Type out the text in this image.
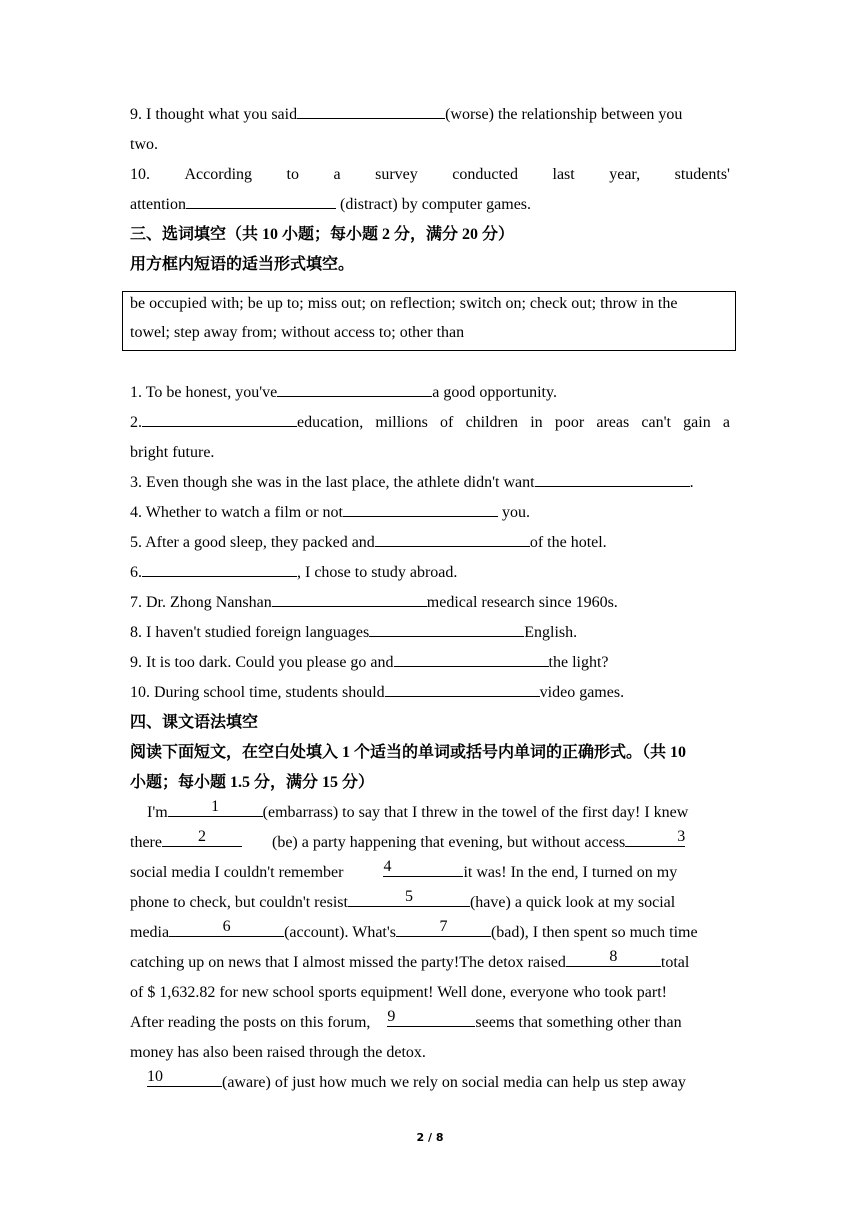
9. I thought what you said	(worse) the relationship between you
two.
10. According to a survey conducted last year, students'
attention	(distract) by computer games.
三、选词填空（共 10 小题；每小题 2 分，满分 20 分）
用方框内短语的适当形式填空。
be occupied with; be up to; miss out; on reflection; switch on; check out; throw in the
towel; step away from; without access to; other than
1. To be honest, you've	a good opportunity.
2.	education, millions of children in poor areas can't gain a
bright future.
3. Even though she was in the last place, the athlete didn't want	.
4. Whether to watch a film or not	you.
5. After a good sleep, they packed and	of the hotel.
6.	, I chose to study abroad.
7. Dr. Zhong Nanshan	medical research since 1960s.
8. I haven't studied foreign languages	English.
9. It is too dark. Could you please go and	the light?
10. During school time, students should	video games.
四、课文语法填空
阅读下面短文，在空白处填入 1 个适当的单词或括号内单词的正确形式。（共 10
小题；每小题 1.5 分，满分 15 分）
I'm	1	(embarrass) to say that I threw in the towel of the first day! I knew
there	2	(be) a party happening that evening, but without access	3
social media I couldn't remember	4	it was! In the end, I turned on my
phone to check, but couldn't resist	5	(have) a quick look at my social
media	6	(account). What's	7	(bad), I then spent so much time
catching up on news that I almost missed the party!The detox raised	8	total
of $ 1,632.82 for new school sports equipment! Well done, everyone who took part!
After reading the posts on this forum, 9	seems that something other than
money has also been raised through the detox.
10	(aware) of just how much we rely on social media can help us step away
2 / 8
